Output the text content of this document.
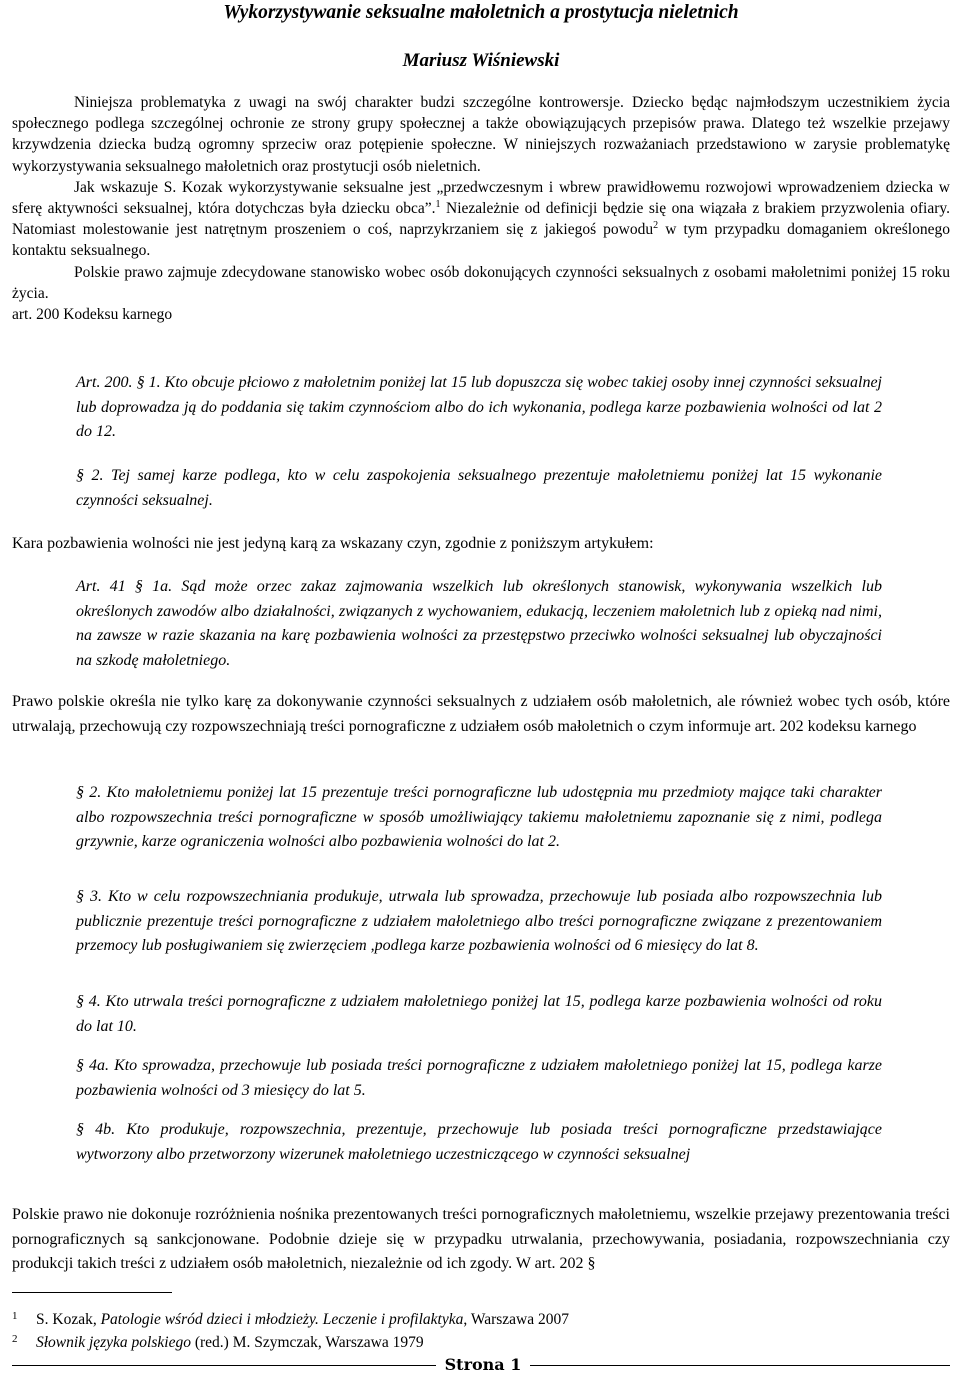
Wykorzystywanie seksualne małoletnich a prostytucja nieletnich
Mariusz Wiśniewski

Niniejsza problematyka z uwagi na swój charakter budzi szczególne kontrowersje. Dziecko będąc najmłodszym uczestnikiem życia społecznego podlega szczególnej ochronie ze strony grupy społecznej a także obowiązujących przepisów prawa. Dlatego też wszelkie przejawy krzywdzenia dziecka budzą ogromny sprzeciw oraz potępienie społeczne. W niniejszych rozważaniach przedstawiono w zarysie problematykę wykorzystywania seksualnego małoletnich oraz prostytucji osób nieletnich.

Jak wskazuje S. Kozak wykorzystywanie seksualne jest „przedwczesnym i wbrew prawidłowemu rozwojowi wprowadzeniem dziecka w sferę aktywności seksualnej, która dotychczas była dziecku obca”.$^1$ Niezależnie od definicji będzie się ona wiązała z brakiem przyzwolenia ofiary. Natomiast molestowanie jest natrętnym proszeniem o coś, naprzykrzaniem się z jakiegoś powodu$^2$ w tym przypadku domaganiem określonego kontaktu seksualnego.

Polskie prawo zajmuje zdecydowane stanowisko wobec osób dokonujących czynności seksualnych z osobami małoletnimi poniżej 15 roku życia.

art. 200 Kodeksu karnego

Art. 200. § 1. Kto obcuje płciowo z małoletnim poniżej lat 15 lub dopuszcza się wobec takiej osoby innej czynności seksualnej lub doprowadza ją do poddania się takim czynnościom albo do ich wykonania, podlega karze pozbawienia wolności od lat 2 do 12.

§ 2. Tej samej karze podlega, kto w celu zaspokojenia seksualnego prezentuje małoletniemu poniżej lat 15 wykonanie czynności seksualnej.

Kara pozbawienia wolności nie jest jedyną karą za wskazany czyn, zgodnie z poniższym artykułem:

Art. 41 § 1a. Sąd może orzec zakaz zajmowania wszelkich lub określonych stanowisk, wykonywania wszelkich lub określonych zawodów albo działalności, związanych z wychowaniem, edukacją, leczeniem małoletnich lub z opieką nad nimi, na zawsze w razie skazania na karę pozbawienia wolności za przestępstwo przeciwko wolności seksualnej lub obyczajności na szkodę małoletniego.

Prawo polskie określa nie tylko karę za dokonywanie czynności seksualnych z udziałem osób małoletnich, ale również wobec tych osób, które utrwalają, przechowują czy rozpowszechniają treści pornograficzne z udziałem osób małoletnich o czym informuje art. 202 kodeksu karnego

§ 2. Kto małoletniemu poniżej lat 15 prezentuje treści pornograficzne lub udostępnia mu przedmioty mające taki charakter albo rozpowszechnia treści pornograficzne w sposób umożliwiający takiemu małoletniemu zapoznanie się z nimi, podlega grzywnie, karze ograniczenia wolności albo pozbawienia wolności do lat 2.

§ 3. Kto w celu rozpowszechniania produkuje, utrwala lub sprowadza, przechowuje lub posiada albo rozpowszechnia lub publicznie prezentuje treści pornograficzne z udziałem małoletniego albo treści pornograficzne związane z prezentowaniem przemocy lub posługiwaniem się zwierzęciem ,podlega karze pozbawienia wolności od 6 miesięcy do lat 8.

§ 4. Kto utrwala treści pornograficzne z udziałem małoletniego poniżej lat 15, podlega karze pozbawienia wolności od roku do lat 10.

§ 4a. Kto sprowadza, przechowuje lub posiada treści pornograficzne z udziałem małoletniego poniżej lat 15, podlega karze pozbawienia wolności od 3 miesięcy do lat 5.

§ 4b. Kto produkuje, rozpowszechnia, prezentuje, przechowuje lub posiada treści pornograficzne przedstawiające wytworzony albo przetworzony wizerunek małoletniego uczestniczącego w czynności seksualnej

Polskie prawo nie dokonuje rozróżnienia nośnika prezentowanych treści pornograficznych małoletniemu, wszelkie przejawy prezentowania treści pornograficznych są sankcjonowane. Podobnie dzieje się w przypadku utrwalania, przechowywania, posiadania, rozpowszechniania czy produkcji takich treści z udziałem osób małoletnich, niezależnie od ich zgody. W art. 202 §

1 S. Kozak, Patologie wśród dzieci i młodzieży. Leczenie i profilaktyka, Warszawa 2007
2 Słownik języka polskiego (red.) M. Szymczak, Warszawa 1979
Strona 1
